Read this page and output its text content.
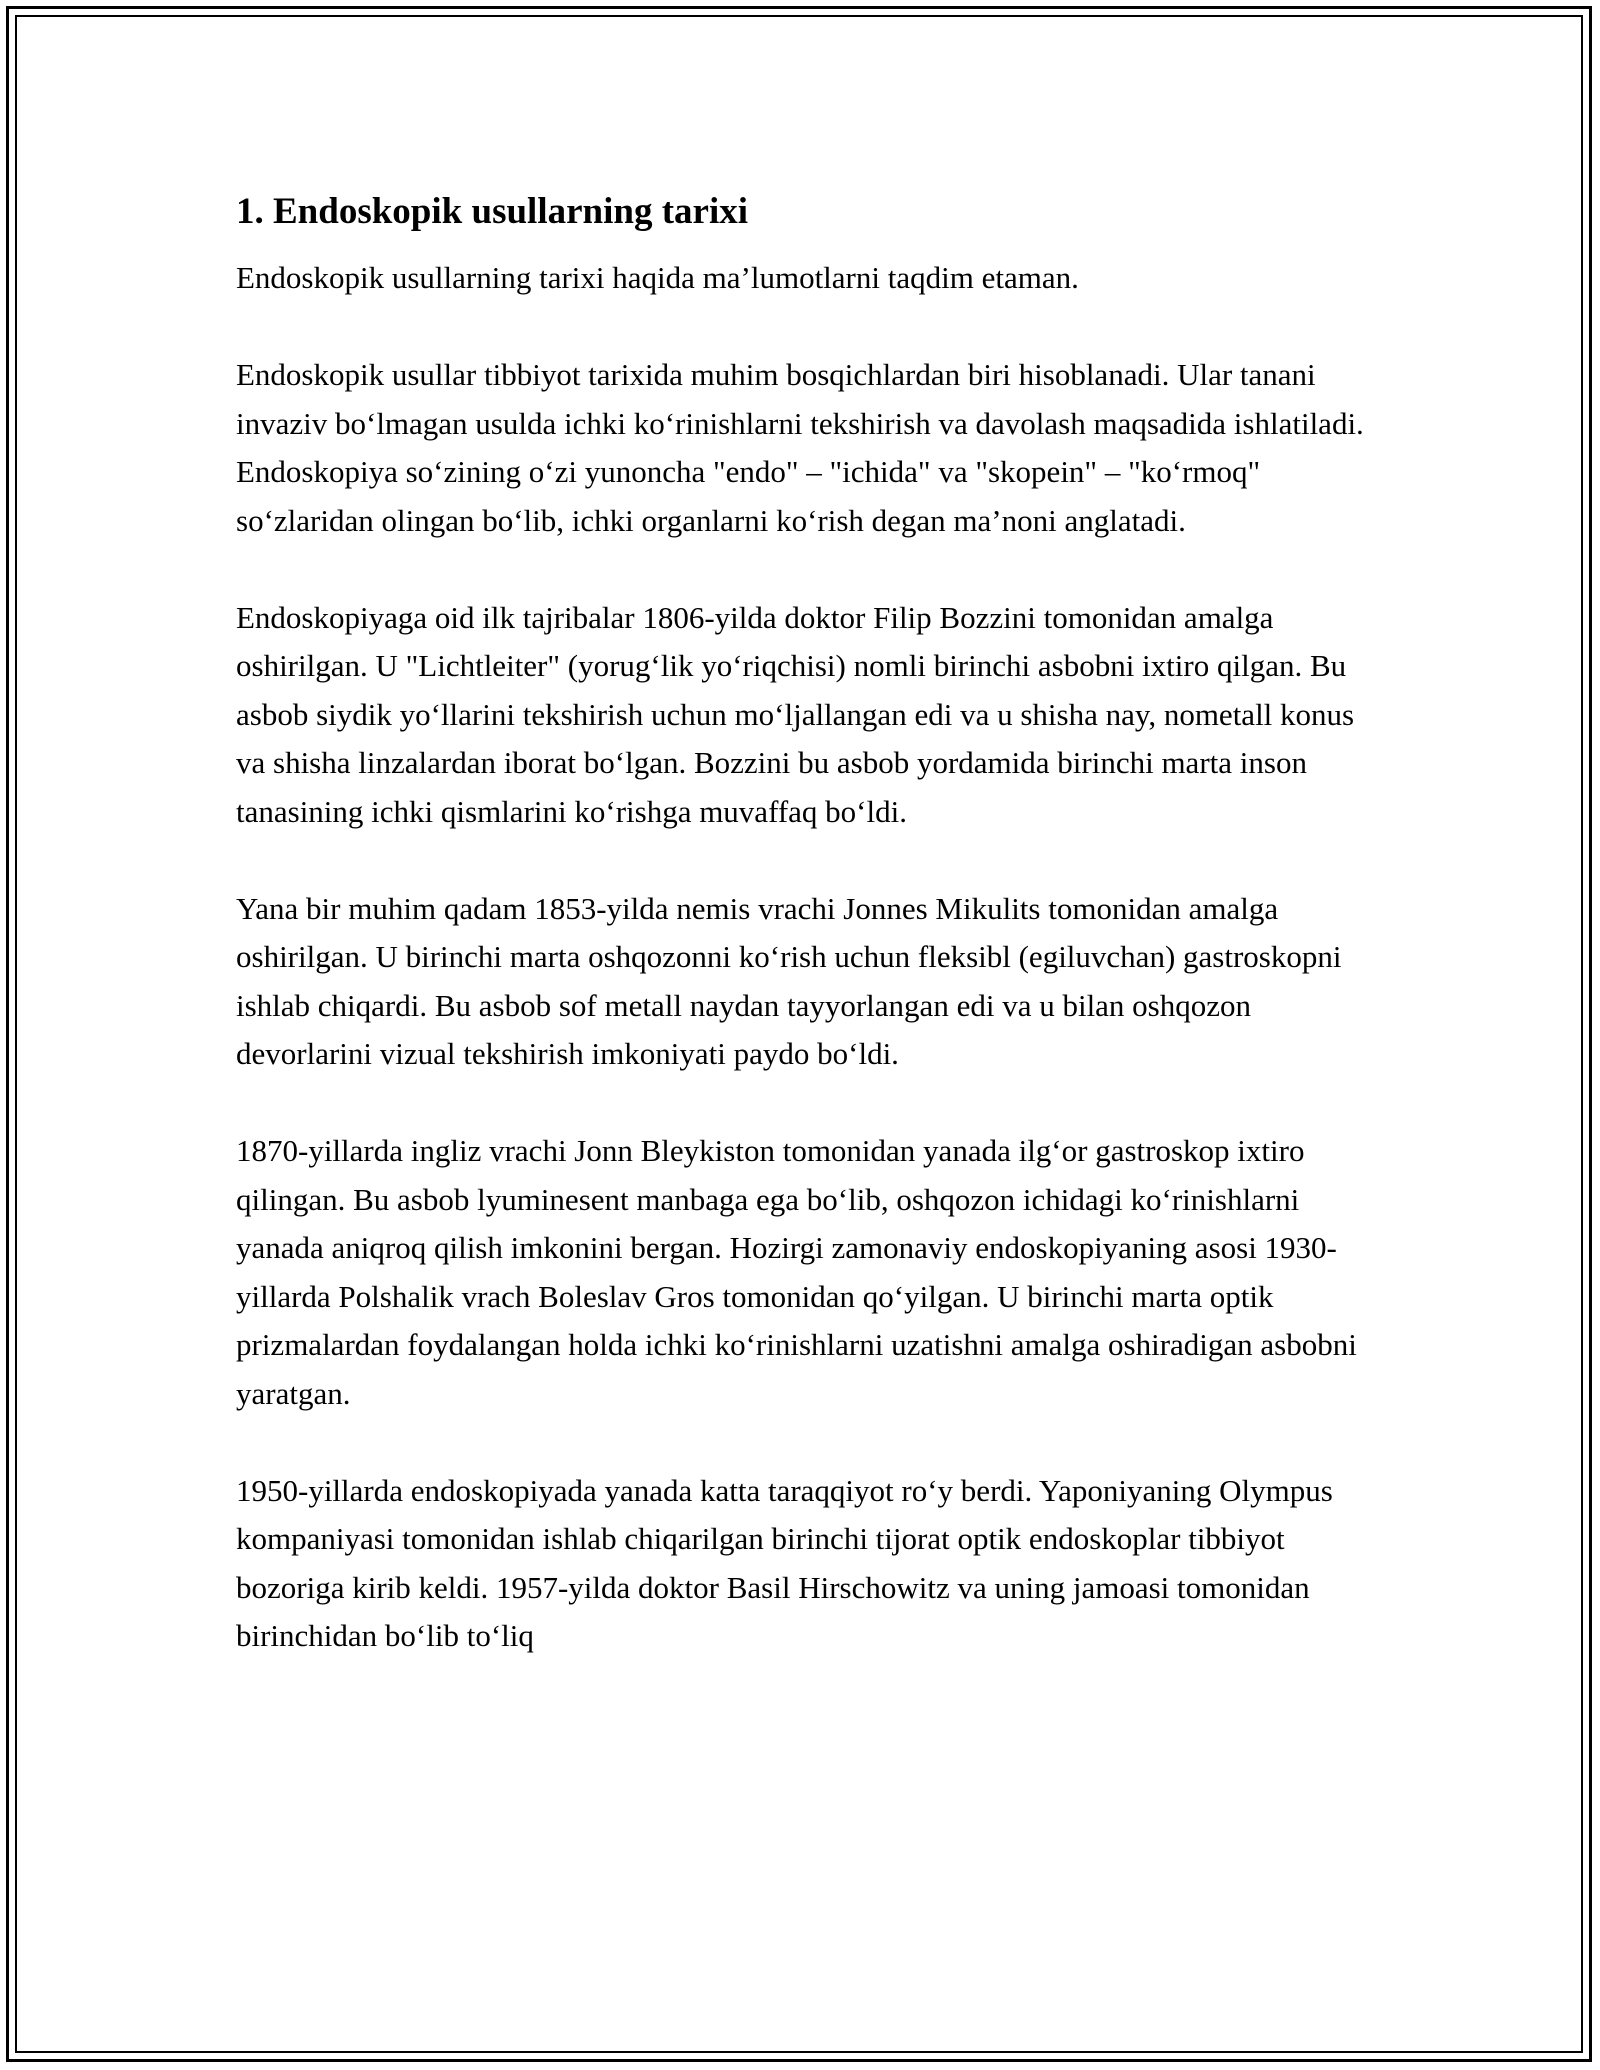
1. Endoskopik usullarning tarixi

Endoskopik usullarning tarixi haqida ma’lumotlarni taqdim etaman.

Endoskopik usullar tibbiyot tarixida muhim bosqichlardan biri hisoblanadi. Ular tanani invaziv bo‘lmagan usulda ichki ko‘rinishlarni tekshirish va davolash maqsadida ishlatiladi. Endoskopiya so‘zining o‘zi yunoncha "endo" – "ichida" va "skopein" – "ko‘rmoq" so‘zlaridan olingan bo‘lib, ichki organlarni ko‘rish degan ma’noni anglatadi.

Endoskopiyaga oid ilk tajribalar 1806-yilda doktor Filip Bozzini tomonidan amalga oshirilgan. U "Lichtleiter" (yorug‘lik yo‘riqchisi) nomli birinchi asbobni ixtiro qilgan. Bu asbob siydik yo‘llarini tekshirish uchun mo‘ljallangan edi va u shisha nay, nometall konus va shisha linzalardan iborat bo‘lgan. Bozzini bu asbob yordamida birinchi marta inson tanasining ichki qismlarini ko‘rishga muvaffaq bo‘ldi.

Yana bir muhim qadam 1853-yilda nemis vrachi Jonnes Mikulits tomonidan amalga oshirilgan. U birinchi marta oshqozonni ko‘rish uchun fleksibl (egiluvchan) gastroskopni ishlab chiqardi. Bu asbob sof metall naydan tayyorlangan edi va u bilan oshqozon devorlarini vizual tekshirish imkoniyati paydo bo‘ldi.

1870-yillarda ingliz vrachi Jonn Bleykiston tomonidan yanada ilg‘or gastroskop ixtiro qilingan. Bu asbob lyuminesent manbaga ega bo‘lib, oshqozon ichidagi ko‘rinishlarni yanada aniqroq qilish imkonini bergan. Hozirgi zamonaviy endoskopiyaning asosi 1930-yillarda Polshalik vrach Boleslav Gros tomonidan qo‘yilgan. U birinchi marta optik prizmalardan foydalangan holda ichki ko‘rinishlarni uzatishni amalga oshiradigan asbobni yaratgan.

1950-yillarda endoskopiyada yanada katta taraqqiyot ro‘y berdi. Yaponiyaning Olympus kompaniyasi tomonidan ishlab chiqarilgan birinchi tijorat optik endoskoplar tibbiyot bozoriga kirib keldi. 1957-yilda doktor Basil Hirschowitz va uning jamoasi tomonidan birinchidan bo‘lib to‘liq
